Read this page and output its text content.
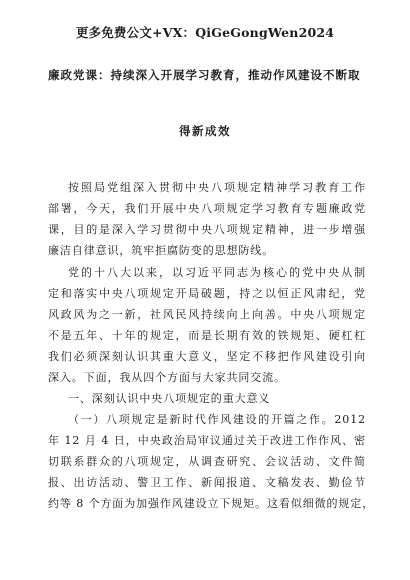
更多免费公文+VX：QiGeGongWen2024
廉政党课：持续深入开展学习教育，推动作风建设不断取
得新成效
按照局党组深入贯彻中央八项规定精神学习教育工作
部署，今天，我们开展中央八项规定学习教育专题廉政党
课，目的是深入学习贯彻中央八项规定精神，进一步增强
廉洁自律意识，筑牢拒腐防变的思想防线。
党的十八大以来，以习近平同志为核心的党中央从制
定和落实中央八项规定开局破题，持之以恒正风肃纪，党
风政风为之一新，社风民风持续向上向善。中央八项规定
不是五年、十年的规定，而是长期有效的铁规矩、硬杠杠
我们必须深刻认识其重大意义，坚定不移把作风建设引向
深入。下面，我从四个方面与大家共同交流。
一、深刻认识中央八项规定的重大意义
（一）八项规定是新时代作风建设的开篇之作。2012
年 12 月 4 日，中央政治局审议通过关于改进工作作风、密
切联系群众的八项规定，从调查研究、会议活动、文件简
报、出访活动、警卫工作、新闻报道、文稿发表、勤俭节
约等 8 个方面为加强作风建设立下规矩。这看似细微的规定，
